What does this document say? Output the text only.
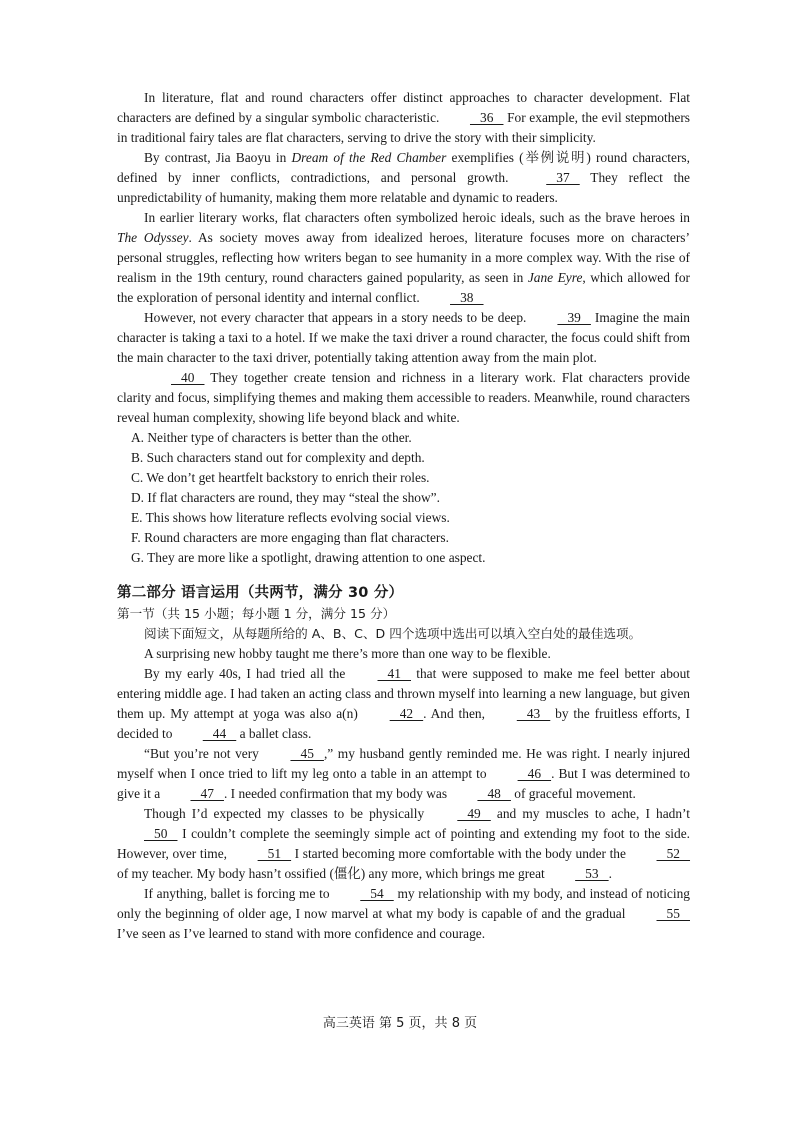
In literature, flat and round characters offer distinct approaches to character development. Flat characters are defined by a singular symbolic characteristic.    36    For example, the evil stepmothers in traditional fairy tales are flat characters, serving to drive the story with their simplicity.

By contrast, Jia Baoyu in Dream of the Red Chamber exemplifies (举例说明) round characters, defined by inner conflicts, contradictions, and personal growth.    37    They reflect the unpredictability of humanity, making them more relatable and dynamic to readers.

In earlier literary works, flat characters often symbolized heroic ideals, such as the brave heroes in The Odyssey. As society moves away from idealized heroes, literature focuses more on characters’ personal struggles, reflecting how writers began to see humanity in a more complex way. With the rise of realism in the 19th century, round characters gained popularity, as seen in Jane Eyre, which allowed for the exploration of personal identity and internal conflict.    38

However, not every character that appears in a story needs to be deep.    39    Imagine the main character is taking a taxi to a hotel. If we make the taxi driver a round character, the focus could shift from the main character to the taxi driver, potentially taking attention away from the main plot.

40    They together create tension and richness in a literary work. Flat characters provide clarity and focus, simplifying themes and making them accessible to readers. Meanwhile, round characters reveal human complexity, showing life beyond black and white.

A. Neither type of characters is better than the other.
B. Such characters stand out for complexity and depth.
C. We don’t get heartfelt backstory to enrich their roles.
D. If flat characters are round, they may “steal the show”.
E. This shows how literature reflects evolving social views.
F. Round characters are more engaging than flat characters.
G. They are more like a spotlight, drawing attention to one aspect.
第二部分 语言运用（共两节，满分 30 分）
第一节（共 15 小题；每小题 1 分，满分 15 分）
阅读下面短文，从每题所给的 A、B、C、D 四个选项中选出可以填入空白处的最佳选项。

A surprising new hobby taught me there’s more than one way to be flexible.

By my early 40s, I had tried all the    41    that were supposed to make me feel better about entering middle age. I had taken an acting class and thrown myself into learning a new language, but given them up. My attempt at yoga was also a(n)    42   . And then,    43    by the fruitless efforts, I decided to    44    a ballet class.

“But you’re not very    45   ,” my husband gently reminded me. He was right. I nearly injured myself when I once tried to lift my leg onto a table in an attempt to    46   . But I was determined to give it a    47   . I needed confirmation that my body was    48    of graceful movement.

Though I’d expected my classes to be physically    49    and my muscles to ache, I hadn’t    50    I couldn’t complete the seemingly simple act of pointing and extending my foot to the side. However, over time,    51    I started becoming more comfortable with the body under the    52    of my teacher. My body hasn’t ossified (僵化) any more, which brings me great    53   .

If anything, ballet is forcing me to    54    my relationship with my body, and instead of noticing only the beginning of older age, I now marvel at what my body is capable of and the gradual    55    I’ve seen as I’ve learned to stand with more confidence and courage.

高三英语 第 5 页，共 8 页
